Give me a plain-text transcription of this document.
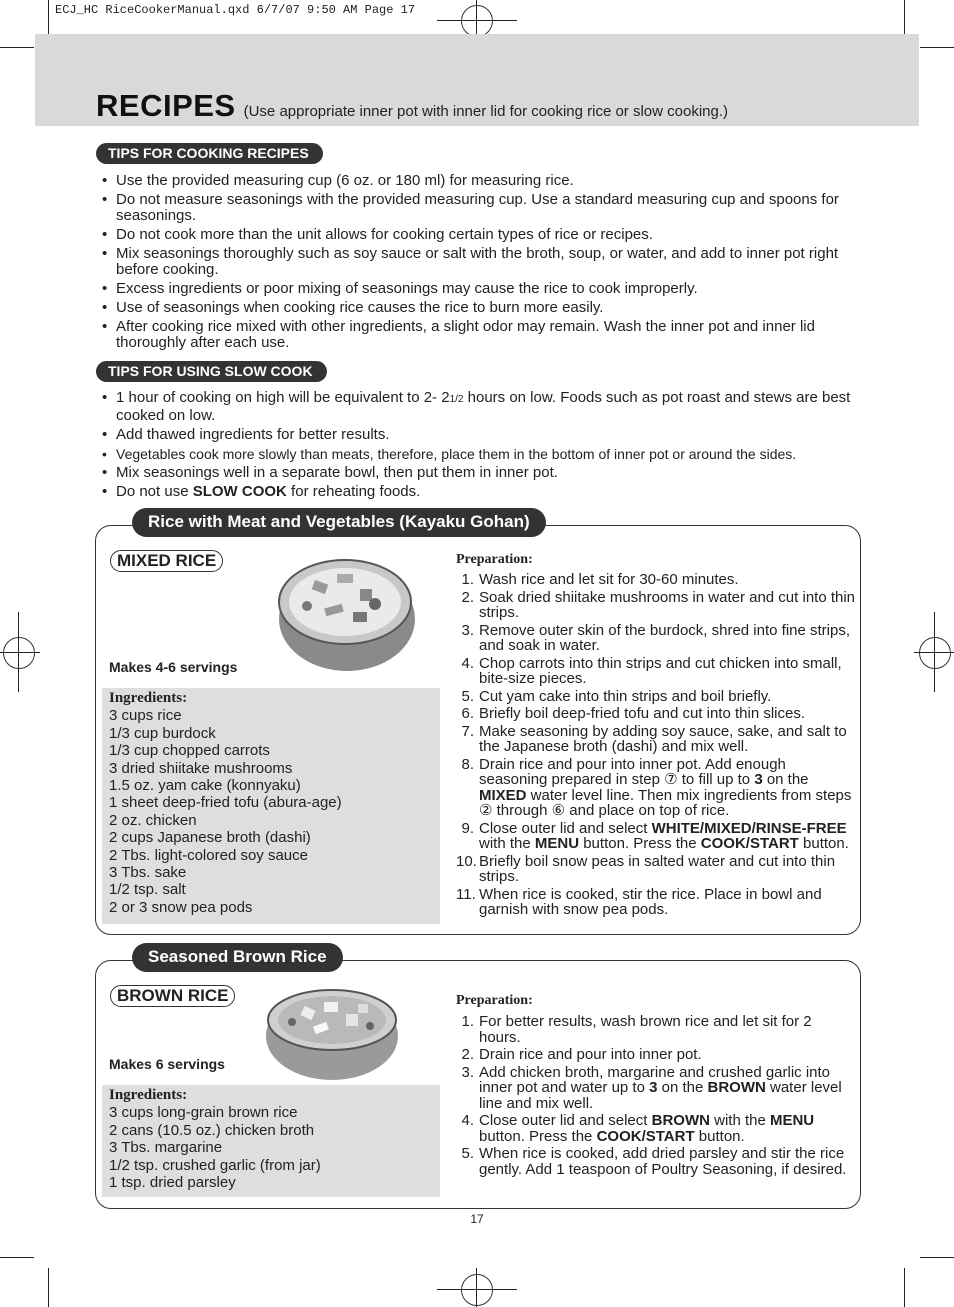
ECJ_HC RiceCookerManual.qxd 6/7/07 9:50 AM Page 17
RECIPES (Use appropriate inner pot with inner lid for cooking rice or slow cooking.)
TIPS FOR COOKING RECIPES
• Use the provided measuring cup (6 oz. or 180 ml) for measuring rice.
• Do not measure seasonings with the provided measuring cup. Use a standard measuring cup and spoons for seasonings.
• Do not cook more than the unit allows for cooking certain types of rice or recipes.
• Mix seasonings thoroughly such as soy sauce or salt with the broth, soup, or water, and add to inner pot right before cooking.
• Excess ingredients or poor mixing of seasonings may cause the rice to cook improperly.
• Use of seasonings when cooking rice causes the rice to burn more easily.
• After cooking rice mixed with other ingredients, a slight odor may remain. Wash the inner pot and inner lid thoroughly after each use.
TIPS FOR USING SLOW COOK
• 1 hour of cooking on high will be equivalent to 2- 21/2 hours on low. Foods such as pot roast and stews are best cooked on low.
• Add thawed ingredients for better results.
• Vegetables cook more slowly than meats, therefore, place them in the bottom of inner pot or around the sides.
• Mix seasonings well in a separate bowl, then put them in inner pot.
• Do not use SLOW COOK for reheating foods.
Rice with Meat and Vegetables (Kayaku Gohan)
MIXED RICE
Makes 4-6 servings
Ingredients:
3 cups rice
1/3 cup burdock
1/3 cup chopped carrots
3 dried shiitake mushrooms
1.5 oz. yam cake (konnyaku)
1 sheet deep-fried tofu (abura-age)
2 oz. chicken
2 cups Japanese broth (dashi)
2 Tbs. light-colored soy sauce
3 Tbs. sake
1/2 tsp. salt
2 or 3 snow pea pods
Preparation:
1. Wash rice and let sit for 30-60 minutes.
2. Soak dried shiitake mushrooms in water and cut into thin strips.
3. Remove outer skin of the burdock, shred into fine strips, and soak in water.
4. Chop carrots into thin strips and cut chicken into small, bite-size pieces.
5. Cut yam cake into thin strips and boil briefly.
6. Briefly boil deep-fried tofu and cut into thin slices.
7. Make seasoning by adding soy sauce, sake, and salt to the Japanese broth (dashi) and mix well.
8. Drain rice and pour into inner pot. Add enough seasoning prepared in step ⑦ to fill up to 3 on the MIXED water level line. Then mix ingredients from steps ② through ⑥ and place on top of rice.
9. Close outer lid and select WHITE/MIXED/RINSE-FREE with the MENU button. Press the COOK/START button.
10. Briefly boil snow peas in salted water and cut into thin strips.
11. When rice is cooked, stir the rice. Place in bowl and garnish with snow pea pods.
Seasoned Brown Rice
BROWN RICE
Makes 6 servings
Ingredients:
3 cups long-grain brown rice
2 cans (10.5 oz.) chicken broth
3 Tbs. margarine
1/2 tsp. crushed garlic (from jar)
1 tsp. dried parsley
Preparation:
1. For better results, wash brown rice and let sit for 2 hours.
2. Drain rice and pour into inner pot.
3. Add chicken broth, margarine and crushed garlic into inner pot and water up to 3 on the BROWN water level line and mix well.
4. Close outer lid and select BROWN with the MENU button. Press the COOK/START button.
5. When rice is cooked, add dried parsley and stir the rice gently. Add 1 teaspoon of Poultry Seasoning, if desired.
17
